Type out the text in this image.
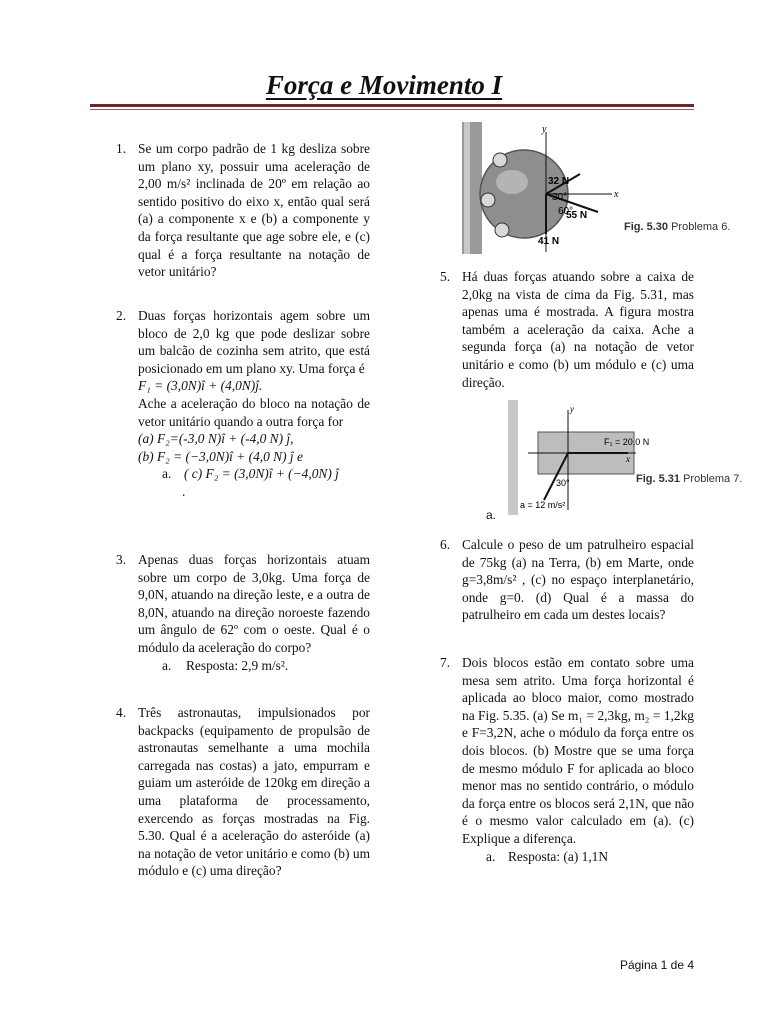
Força e Movimento I
1. Se um corpo padrão de 1 kg desliza sobre um plano xy, possuir uma aceleração de 2,00 m/s² inclinada de 20º em relação ao sentido positivo do eixo x, então qual será (a) a componente x e (b) a componente y da força resultante que age sobre ele, e (c) qual é a força resultante na notação de vetor unitário?

2. Duas forças horizontais agem sobre um bloco de 2,0 kg que pode deslizar sobre um balcão de cozinha sem atrito, que está posicionado em um plano xy. Uma força é

F₁ = (3,0N)î + (4,0N)ĵ.

Ache a aceleração do bloco na notação de vetor unitário quando a outra força for

(a) F₂=(-3,0 N)î + (-4,0 N) ĵ,

(b) F₂ = (−3,0N)î + (4,0 N) ĵ e

a. ( c) F₂ = (3,0N)î + (−4,0N) ĵ

.

3. Apenas duas forças horizontais atuam sobre um corpo de 3,0kg. Uma força de 9,0N, atuando na direção leste, e a outra de 8,0N, atuando na direção noroeste fazendo um ângulo de 62º com o oeste. Qual é o módulo da aceleração do corpo?

a. Resposta: 2,9 m/s².

4. Três astronautas, impulsionados por backpacks (equipamento de propulsão de astronautas semelhante a uma mochila carregada nas costas) a jato, empurram e guiam um asteróide de 120kg em direção a uma plataforma de processamento, exercendo as forças mostradas na Fig. 5.30. Qual é a aceleração do asteróide (a) na notação de vetor unitário e como (b) um módulo e (c) uma direção?

32 N
55 N
41 N
30°
60°
x
y
Fig. 5.30 Problema 6.
5. Há duas forças atuando sobre a caixa de 2,0kg na vista de cima da Fig. 5.31, mas apenas uma é mostrada. A figura mostra também a aceleração da caixa. Ache a segunda força (a) na notação de vetor unitário e como (b) um módulo e (c) uma direção.

F₁ = 20,0 N
30°
a = 12 m/s²
y
x
Fig. 5.31 Problema 7.
a.
6. Calcule o peso de um patrulheiro espacial de 75kg (a) na Terra, (b) em Marte, onde g=3,8m/s² , (c) no espaço interplanetário, onde g=0. (d) Qual é a massa do patrulheiro em cada um destes locais?

7. Dois blocos estão em contato sobre uma mesa sem atrito. Uma força horizontal é aplicada ao bloco maior, como mostrado na Fig. 5.35. (a) Se m₁ = 2,3kg, m₂ = 1,2kg e F=3,2N, ache o módulo da força entre os dois blocos. (b) Mostre que se uma força de mesmo módulo F for aplicada ao bloco menor mas no sentido contrário, o módulo da força entre os blocos será 2,1N, que não é o mesmo valor calculado em (a). (c) Explique a diferença.

a. Resposta: (a) 1,1N

Página 1 de 4
